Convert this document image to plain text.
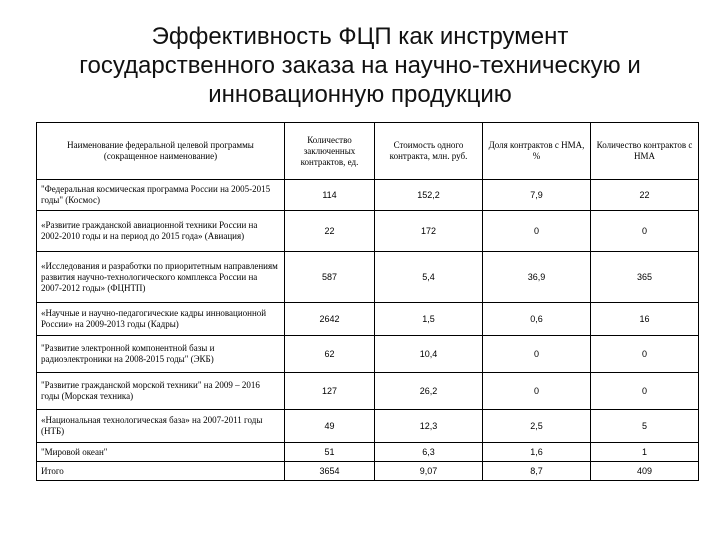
Эффективность ФЦП как инструмент
государственного заказа на научно-техническую и
инновационную продукцию
Наименование федеральной целевой программы (сокращенное наименование)	Количество заключенных контрактов, ед.	Стоимость одного контракта, млн. руб.	Доля контрактов с НМА, %	Количество контрактов с НМА
"Федеральная космическая программа России на 2005-2015 годы" (Космос)	114	152,2	7,9	22
«Развитие гражданской авиационной техники России на 2002-2010 годы и на период до 2015 года» (Авиация)	22	172	0	0
«Исследования и разработки по приоритетным направлениям развития научно-технологического комплекса России на 2007-2012 годы» (ФЦНТП)	587	5,4	36,9	365
«Научные и научно-педагогические кадры инновационной России» на 2009-2013 годы (Кадры)	2642	1,5	0,6	16
"Развитие электронной компонентной базы и радиоэлектроники на 2008-2015 годы" (ЭКБ)	62	10,4	0	0
"Развитие гражданской морской техники" на 2009 – 2016 годы (Морская техника)	127	26,2	0	0
«Национальная технологическая база» на 2007-2011 годы (НТБ)	49	12,3	2,5	5
"Мировой океан"	51	6,3	1,6	1
Итого	3654	9,07	8,7	409
